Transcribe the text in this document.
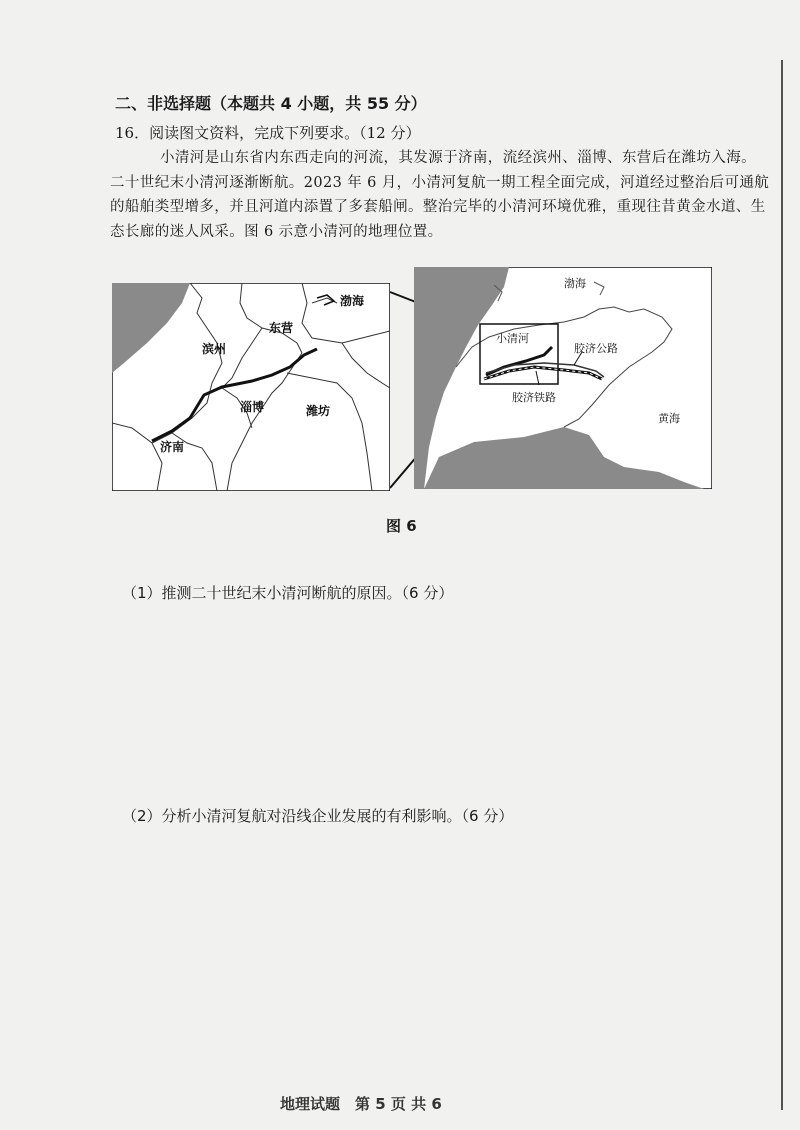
二、非选择题（本题共 4 小题，共 55 分）
16．阅读图文资料，完成下列要求。（12 分）
小清河是山东省内东西走向的河流，其发源于济南，流经滨州、淄博、东营后在潍坊入海。二十世纪末小清河逐渐断航。2023 年 6 月，小清河复航一期工程全面完成，河道经过整治后可通航的船舶类型增多，并且河道内添置了多套船闸。整治完毕的小清河环境优雅，重现往昔黄金水道、生态长廊的迷人风采。图 6 示意小清河的地理位置。
渤海
东营
滨州
淄博	潍坊
济南
渤海
小清河
胶济公路
胶济铁路
黄海
图 6
（1）推测二十世纪末小清河断航的原因。（6 分）
（2）分析小清河复航对沿线企业发展的有利影响。（6 分）
地理试题　第 5 页 共 6
